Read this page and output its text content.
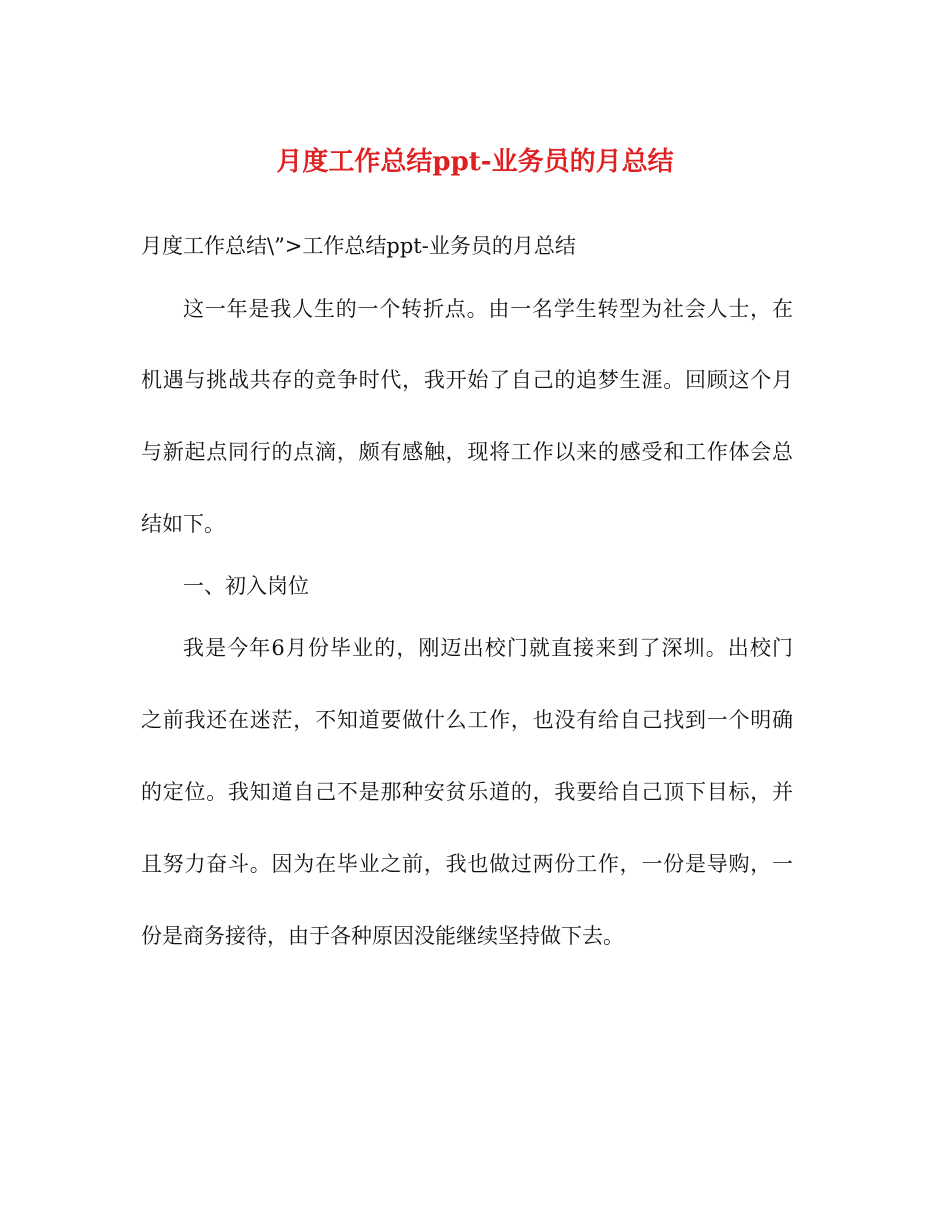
月度工作总结ppt-业务员的月总结
月度工作总结\”>工作总结ppt-业务员的月总结
这一年是我人生的一个转折点。由一名学生转型为社会人士，在
机遇与挑战共存的竞争时代，我开始了自己的追梦生涯。回顾这个月
与新起点同行的点滴，颇有感触，现将工作以来的感受和工作体会总
结如下。
一、初入岗位
我是今年6月份毕业的，刚迈出校门就直接来到了深圳。出校门
之前我还在迷茫，不知道要做什么工作，也没有给自己找到一个明确
的定位。我知道自己不是那种安贫乐道的，我要给自己顶下目标，并
且努力奋斗。因为在毕业之前，我也做过两份工作，一份是导购，一
份是商务接待，由于各种原因没能继续坚持做下去。
